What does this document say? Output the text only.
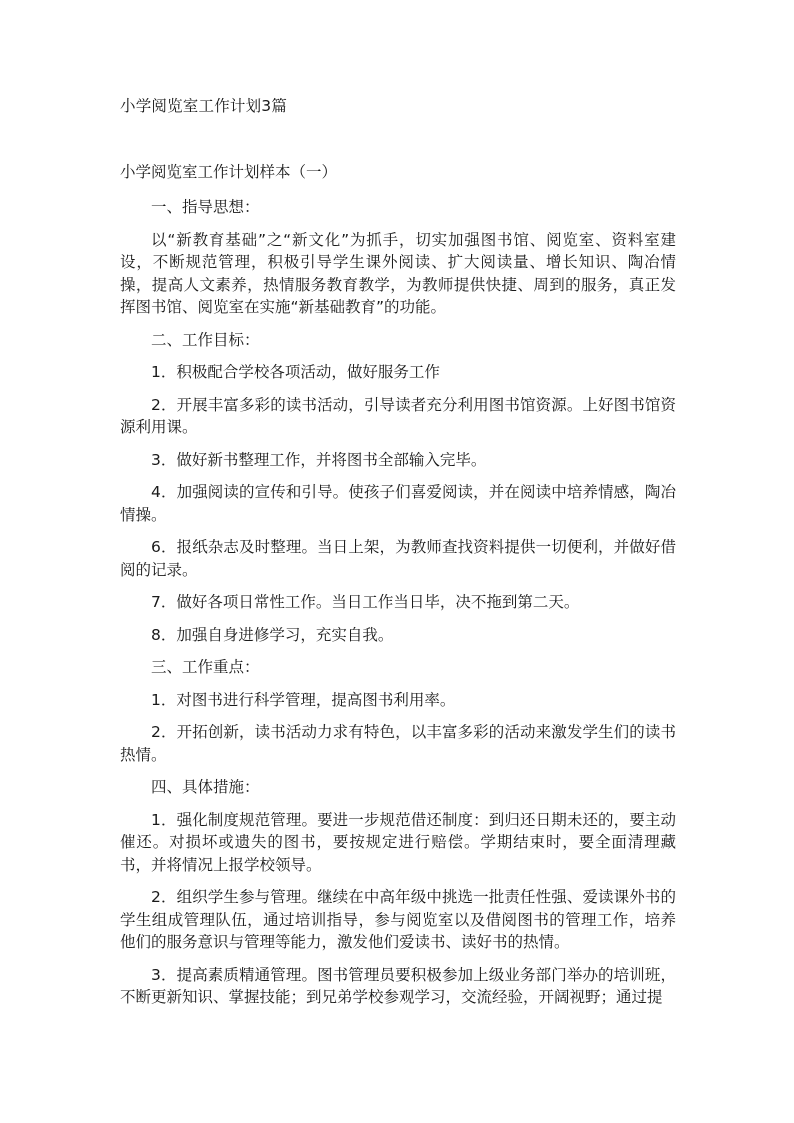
小学阅览室工作计划3篇
小学阅览室工作计划样本（一）

一、指导思想：

以“新教育基础”之“新文化”为抓手，切实加强图书馆、阅览室、资料室建设，不断规范管理，积极引导学生课外阅读、扩大阅读量、增长知识、陶冶情操，提高人文素养，热情服务教育教学，为教师提供快捷、周到的服务，真正发挥图书馆、阅览室在实施“新基础教育”的功能。

二、工作目标：

1．积极配合学校各项活动，做好服务工作

2．开展丰富多彩的读书活动，引导读者充分利用图书馆资源。上好图书馆资源利用课。

3．做好新书整理工作，并将图书全部输入完毕。

4．加强阅读的宣传和引导。使孩子们喜爱阅读，并在阅读中培养情感，陶冶情操。

6．报纸杂志及时整理。当日上架，为教师查找资料提供一切便利，并做好借阅的记录。

7．做好各项日常性工作。当日工作当日毕，决不拖到第二天。

8．加强自身进修学习，充实自我。

三、工作重点：

1．对图书进行科学管理，提高图书利用率。

2．开拓创新，读书活动力求有特色，以丰富多彩的活动来激发学生们的读书热情。

四、具体措施：

1．强化制度规范管理。要进一步规范借还制度：到归还日期未还的，要主动催还。对损坏或遗失的图书，要按规定进行赔偿。学期结束时，要全面清理藏书，并将情况上报学校领导。

2．组织学生参与管理。继续在中高年级中挑选一批责任性强、爱读课外书的学生组成管理队伍，通过培训指导，参与阅览室以及借阅图书的管理工作，培养他们的服务意识与管理等能力，激发他们爱读书、读好书的热情。

3．提高素质精通管理。图书管理员要积极参加上级业务部门举办的培训班，不断更新知识、掌握技能；到兄弟学校参观学习，交流经验，开阔视野；通过提
